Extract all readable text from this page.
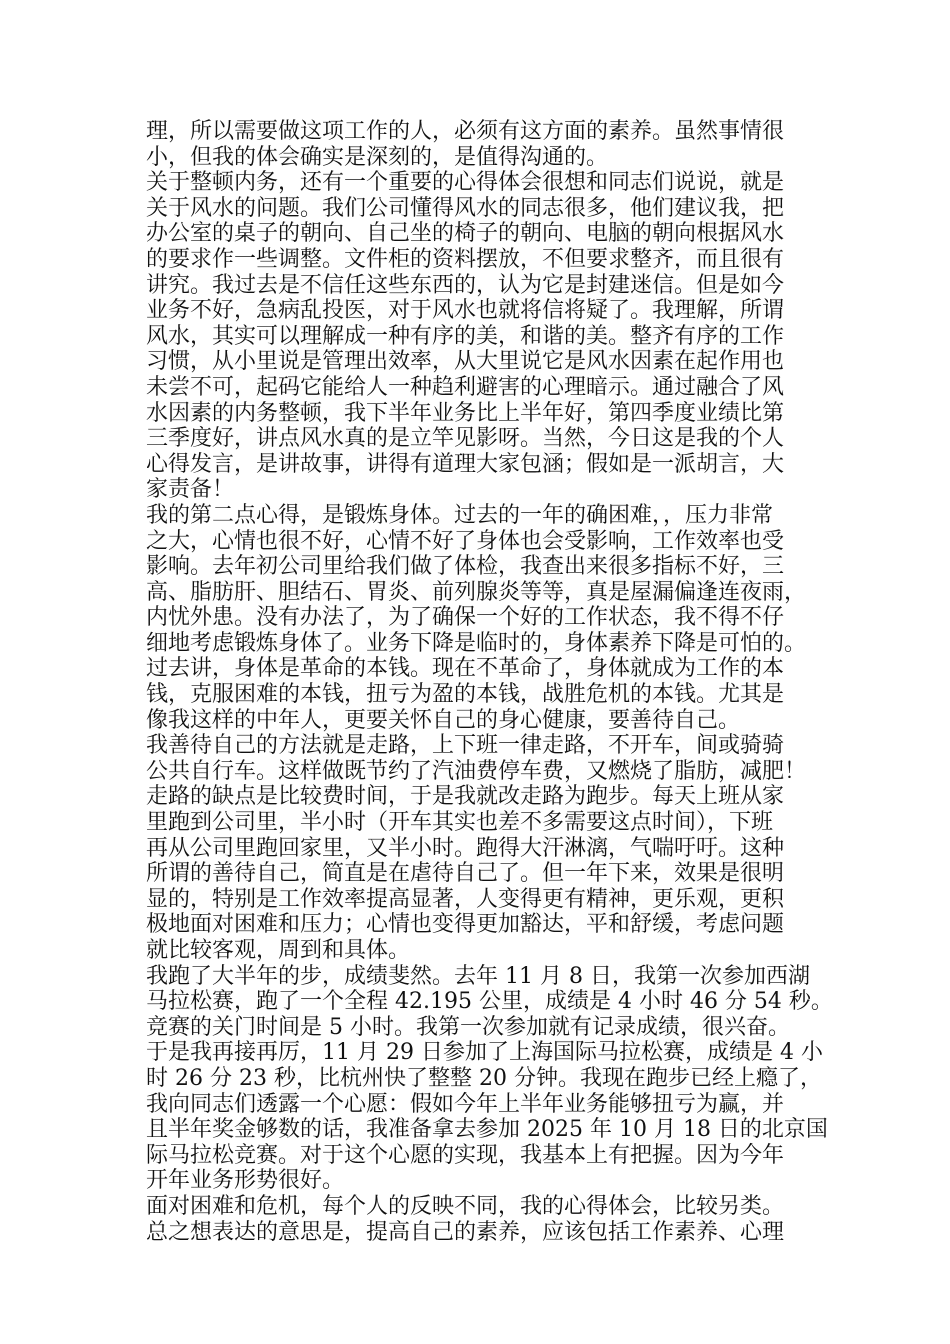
理，所以需要做这项工作的人，必须有这方面的素养。虽然事情很
小，但我的体会确实是深刻的，是值得沟通的。
关于整顿内务，还有一个重要的心得体会很想和同志们说说，就是
关于风水的问题。我们公司懂得风水的同志很多，他们建议我，把
办公室的桌子的朝向、自己坐的椅子的朝向、电脑的朝向根据风水
的要求作一些调整。文件柜的资料摆放，不但要求整齐，而且很有
讲究。我过去是不信任这些东西的，认为它是封建迷信。但是如今
业务不好，急病乱投医，对于风水也就将信将疑了。我理解，所谓
风水，其实可以理解成一种有序的美，和谐的美。整齐有序的工作
习惯，从小里说是管理出效率，从大里说它是风水因素在起作用也
未尝不可，起码它能给人一种趋利避害的心理暗示。通过融合了风
水因素的内务整顿，我下半年业务比上半年好，第四季度业绩比第
三季度好，讲点风水真的是立竿见影呀。当然，今日这是我的个人
心得发言，是讲故事，讲得有道理大家包涵；假如是一派胡言，大
家责备！
我的第二点心得，是锻炼身体。过去的一年的确困难，，压力非常
之大，心情也很不好，心情不好了身体也会受影响，工作效率也受
影响。去年初公司里给我们做了体检，我查出来很多指标不好，三
高、脂肪肝、胆结石、胃炎、前列腺炎等等，真是屋漏偏逢连夜雨，
内忧外患。没有办法了，为了确保一个好的工作状态，我不得不仔
细地考虑锻炼身体了。业务下降是临时的，身体素养下降是可怕的。
过去讲，身体是革命的本钱。现在不革命了，身体就成为工作的本
钱，克服困难的本钱，扭亏为盈的本钱，战胜危机的本钱。尤其是
像我这样的中年人，更要关怀自己的身心健康，要善待自己。
我善待自己的方法就是走路，上下班一律走路，不开车，间或骑骑
公共自行车。这样做既节约了汽油费停车费，又燃烧了脂肪，减肥！
走路的缺点是比较费时间，于是我就改走路为跑步。每天上班从家
里跑到公司里，半小时（开车其实也差不多需要这点时间），下班
再从公司里跑回家里，又半小时。跑得大汗淋漓，气喘吁吁。这种
所谓的善待自己，简直是在虐待自己了。但一年下来，效果是很明
显的，特别是工作效率提高显著，人变得更有精神，更乐观，更积
极地面对困难和压力；心情也变得更加豁达，平和舒缓，考虑问题
就比较客观，周到和具体。
我跑了大半年的步，成绩斐然。去年 11 月 8 日，我第一次参加西湖
马拉松赛，跑了一个全程 42.195 公里，成绩是 4 小时 46 分 54 秒。
竞赛的关门时间是 5 小时。我第一次参加就有记录成绩，很兴奋。
于是我再接再厉，11 月 29 日参加了上海国际马拉松赛，成绩是 4 小
时 26 分 23 秒，比杭州快了整整 20 分钟。我现在跑步已经上瘾了，
我向同志们透露一个心愿：假如今年上半年业务能够扭亏为赢，并
且半年奖金够数的话，我准备拿去参加 2025 年 10 月 18 日的北京国
际马拉松竞赛。对于这个心愿的实现，我基本上有把握。因为今年
开年业务形势很好。
面对困难和危机，每个人的反映不同，我的心得体会，比较另类。
总之想表达的意思是，提高自己的素养，应该包括工作素养、心理
